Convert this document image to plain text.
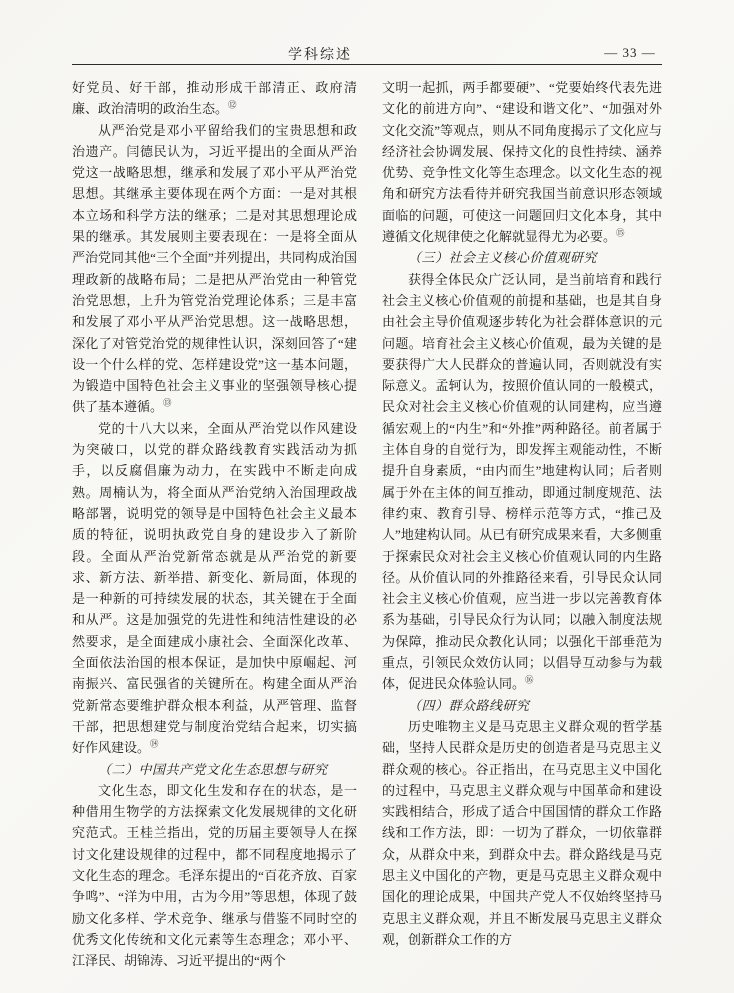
学科综述	— 33 —

好党员、好干部，推动形成干部清正、政府清廉、政治清明的政治生态。⑫

从严治党是邓小平留给我们的宝贵思想和政治遗产。闫德民认为，习近平提出的全面从严治党这一战略思想，继承和发展了邓小平从严治党思想。其继承主要体现在两个方面：一是对其根本立场和科学方法的继承；二是对其思想理论成果的继承。其发展则主要表现在：一是将全面从严治党同其他“三个全面”并列提出，共同构成治国理政新的战略布局；二是把从严治党由一种管党治党思想，上升为管党治党理论体系；三是丰富和发展了邓小平从严治党思想。这一战略思想，深化了对管党治党的规律性认识，深刻回答了“建设一个什么样的党、怎样建设党”这一基本问题，为锻造中国特色社会主义事业的坚强领导核心提供了基本遵循。⑬

党的十八大以来，全面从严治党以作风建设为突破口，以党的群众路线教育实践活动为抓手，以反腐倡廉为动力，在实践中不断走向成熟。周楠认为，将全面从严治党纳入治国理政战略部署，说明党的领导是中国特色社会主义最本质的特征，说明执政党自身的建设步入了新阶段。全面从严治党新常态就是从严治党的新要求、新方法、新举措、新变化、新局面，体现的是一种新的可持续发展的状态，其关键在于全面和从严。这是加强党的先进性和纯洁性建设的必然要求，是全面建成小康社会、全面深化改革、全面依法治国的根本保证，是加快中原崛起、河南振兴、富民强省的关键所在。构建全面从严治党新常态要维护群众根本利益，从严管理、监督干部，把思想建党与制度治党结合起来，切实搞好作风建设。⑭

（二）中国共产党文化生态思想与研究

文化生态，即文化生发和存在的状态，是一种借用生物学的方法探索文化发展规律的文化研究范式。王桂兰指出，党的历届主要领导人在探讨文化建设规律的过程中，都不同程度地揭示了文化生态的理念。毛泽东提出的“百花齐放、百家争鸣”、“洋为中用，古为今用”等思想，体现了鼓励文化多样、学术竞争、继承与借鉴不同时空的优秀文化传统和文化元素等生态理念；邓小平、江泽民、胡锦涛、习近平提出的“两个

文明一起抓，两手都要硬”、“党要始终代表先进文化的前进方向”、“建设和谐文化”、“加强对外文化交流”等观点，则从不同角度揭示了文化应与经济社会协调发展、保持文化的良性持续、涵养优势、竞争性文化等生态理念。以文化生态的视角和研究方法看待并研究我国当前意识形态领域面临的问题，可使这一问题回归文化本身，其中遵循文化规律使之化解就显得尤为必要。⑮

（三）社会主义核心价值观研究

获得全体民众广泛认同，是当前培育和践行社会主义核心价值观的前提和基础，也是其自身由社会主导价值观逐步转化为社会群体意识的元问题。培育社会主义核心价值观，最为关键的是要获得广大人民群众的普遍认同，否则就没有实际意义。孟轲认为，按照价值认同的一般模式，民众对社会主义核心价值观的认同建构，应当遵循宏观上的“内生”和“外推”两种路径。前者属于主体自身的自觉行为，即发挥主观能动性，不断提升自身素质，“由内而生”地建构认同；后者则属于外在主体的间互推动，即通过制度规范、法律约束、教育引导、榜样示范等方式，“推己及人”地建构认同。从已有研究成果来看，大多侧重于探索民众对社会主义核心价值观认同的内生路径。从价值认同的外推路径来看，引导民众认同社会主义核心价值观，应当进一步以完善教育体系为基础，引导民众行为认同；以融入制度法规为保障，推动民众教化认同；以强化干部垂范为重点，引领民众效仿认同；以倡导互动参与为载体，促进民众体验认同。⑯

（四）群众路线研究

历史唯物主义是马克思主义群众观的哲学基础，坚持人民群众是历史的创造者是马克思主义群众观的核心。谷正指出，在马克思主义中国化的过程中，马克思主义群众观与中国革命和建设实践相结合，形成了适合中国国情的群众工作路线和工作方法，即：一切为了群众，一切依靠群众，从群众中来，到群众中去。群众路线是马克思主义中国化的产物，更是马克思主义群众观中国化的理论成果，中国共产党人不仅始终坚持马克思主义群众观，并且不断发展马克思主义群众观，创新群众工作的方
